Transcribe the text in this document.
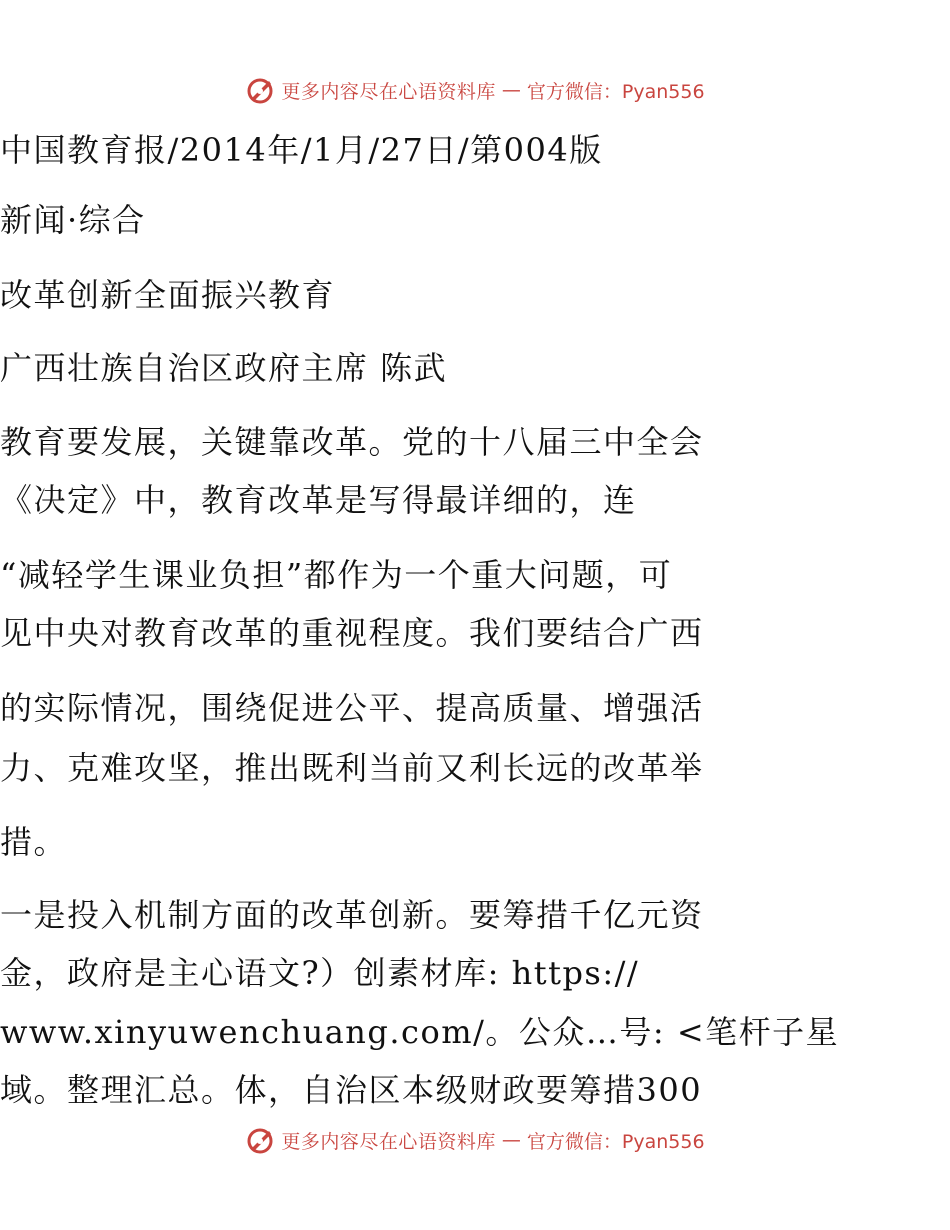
更多内容尽在心语资料库 — 官方微信：Pyan556
中国教育报/2014年/1月/27日/第004版
新闻·综合
改革创新全面振兴教育
广西壮族自治区政府主席 陈武
教育要发展，关键靠改革。党的十八届三中全会
《决定》中，教育改革是写得最详细的，连
“减轻学生课业负担”都作为一个重大问题，可
见中央对教育改革的重视程度。我们要结合广西
的实际情况，围绕促进公平、提高质量、增强活
力、克难攻坚，推出既利当前又利长远的改革举
措。
一是投入机制方面的改革创新。要筹措千亿元资
金，政府是主心语文?）创素材库: https://
www.xinyuwenchuang.com/。公众…号: <笔杆子星
域。整理汇总。体，自治区本级财政要筹措300
更多内容尽在心语资料库 — 官方微信：Pyan556
